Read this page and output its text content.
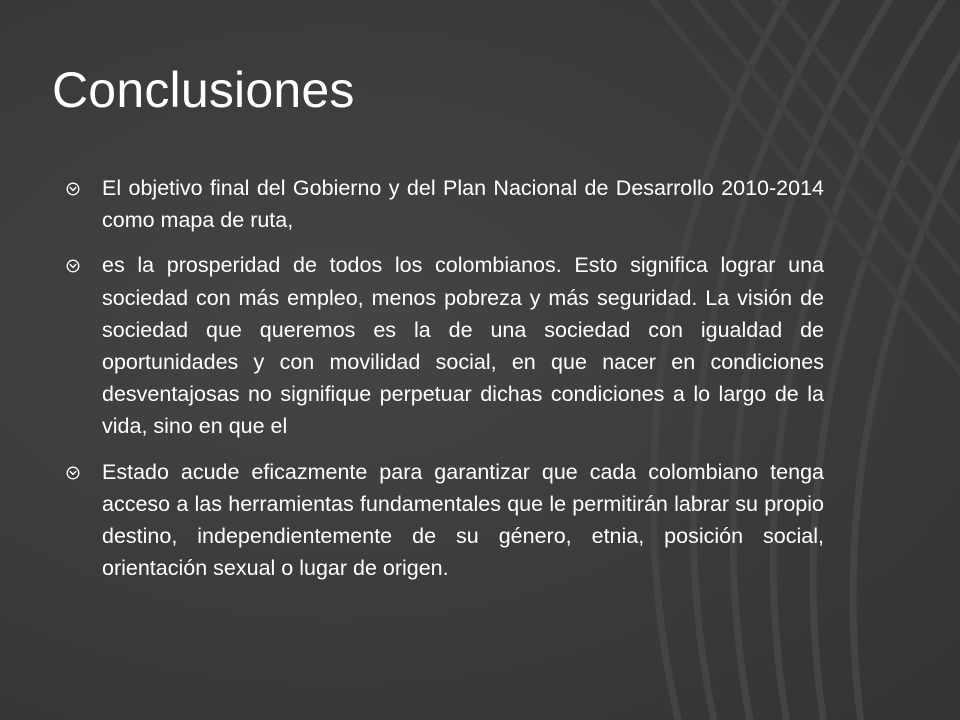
Conclusiones
El objetivo final del Gobierno y del Plan Nacional de Desarrollo 2010-2014 como mapa de ruta,
es la prosperidad de todos los colombianos. Esto significa lograr una sociedad con más empleo, menos pobreza y más seguridad. La visión de sociedad que queremos es la de una sociedad con igualdad de oportunidades y con movilidad social, en que nacer en condiciones desventajosas no signifique perpetuar dichas condiciones a lo largo de la vida, sino en que el
Estado acude eficazmente para garantizar que cada colombiano tenga acceso a las herramientas fundamentales que le permitirán labrar su propio destino, independientemente de su género, etnia, posición social, orientación sexual o lugar de origen.
